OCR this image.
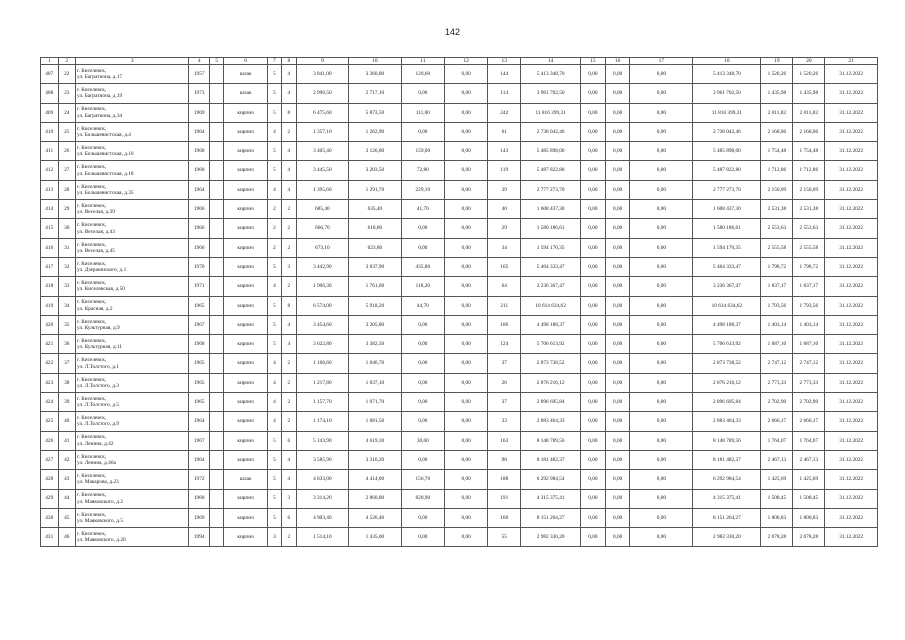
142
1	2	3	4	5	6	7	8	9	10	11	12	13	14	15	16	17	18	19	20	21
407	22	г. Киселевск,
ул. Багратиона, д.17	1957		шлак	5	4	3 841,00	3 360,80	120,60	0,00	144	5 413 348,70	0,00	0,00	0,00	5 413 348,70	1 520,26	1 520,26	31.12.2022
408	23	г. Киселевск,
ул. Багратиона, д.19	1973		шлак	5	4	2 996,50	2 717,10	0,00	0,00	114	3 961 702,50	0,00	0,00	0,00	3 961 702,50	1 435,98	1 435,98	31.12.2022
409	24	г. Киселевск,
ул. Багратиона, д.34	1969		кирпич	5	8	6 475,60	5 873,50	111,00	0,00	242	11 816 399,31	0,00	0,00	0,00	11 816 399,31	2 011,82	2 011,82	31.12.2022
410	25	г. Киселевск,
ул. Большевистская, д.4	1964		кирпич	4	2	1 357,10	1 262,90	0,00	0,00	61	2 738 042,46	0,00	0,00	0,00	2 738 042,46	2 168,06	2 168,06	31.12.2022
411	26	г. Киселевск,
ул. Большевистская, д.16	1968		кирпич	5	4	3 405,40	3 126,80	159,00	0,00	143	5 485 898,00	0,00	0,00	0,00	5 485 898,00	1 754,48	1 754,48	31.12.2022
412	27	г. Киселевск,
ул. Большевистская, д.18	1968		кирпич	5	4	3 445,50	3 203,50	72,80	0,00	119	5 487 822,80	0,00	0,00	0,00	5 487 822,80	1 712,86	1 712,86	31.12.2022
413	28	г. Киселевск,
ул. Большевистская, д.35	1964		кирпич	4	4	1 395,60	1 291,70	229,10	0,00	39	2 777 273,70	0,00	0,00	0,00	2 777 273,70	2 150,09	2 150,09	31.12.2022
414	29	г. Киселевск,
ул. Веселая, д.39	1966		кирпич	2	2	685,40	635,40	41,70	0,00	40	1 608 437,30	0,00	0,00	0,00	1 608 437,30	2 531,38	2 531,38	31.12.2022
415	30	г. Киселевск,
ул. Веселая, д.43	1966		кирпич	2	2	666,70	618,80	0,00	0,00	29	1 580 186,61	0,00	0,00	0,00	1 580 186,61	2 553,63	2 553,63	31.12.2022
416	31	г. Киселевск,
ул. Веселая, д.45	1966		кирпич	2	2	673,10	623,80	0,00	0,00	34	1 594 170,35	0,00	0,00	0,00	1 594 170,35	2 555,58	2 555,58	31.12.2022
417	32	г. Киселевск,
ул. Дзержинского, д.1	1970		кирпич	5	3	3 442,90	3 037,90	435,80	0,00	165	5 464 333,47	0,00	0,00	0,00	5 464 333,47	1 798,72	1 798,72	31.12.2022
418	33	г. Киселевск,
ул. Киселевская, д.50	1971		кирпич	4	2	1 906,30	1 761,60	118,20	0,00	64	3 236 367,47	0,00	0,00	0,00	3 236 367,47	1 837,17	1 837,17	31.12.2022
419	34	г. Киселевск,
ул. Красная, д.2	1965		кирпич	5	8	6 574,00	5 918,20	44,70	0,00	211	10 614 634,62	0,00	0,00	0,00	10 614 634,62	1 793,56	1 793,56	31.12.2022
420	35	г. Киселевск,
ул. Культурная, д.9	1967		кирпич	5	4	3 454,60	3 205,80	0,00	0,00	106	4 498 188,37	0,00	0,00	0,00	4 498 188,37	1 403,14	1 403,14	31.12.2022
421	36	г. Киселевск,
ул. Культурная, д.11	1968		кирпич	5	4	3 622,80	3 382,50	0,00	0,00	124	5 706 613,92	0,00	0,00	0,00	5 706 613,92	1 687,10	1 687,10	31.12.2022
422	37	г. Киселевск,
ул. Л.Толстого, д.1	1965		кирпич	4	2	1 166,60	1 046,70	0,00	0,00	37	2 873 738,52	0,00	0,00	0,00	2 873 738,52	2 747,12	2 747,12	31.12.2022
423	38	г. Киселевск,
ул. Л.Толстого, д.3	1965		кирпич	4	2	1 217,80	1 037,10	0,00	0,00	26	2 876 216,12	0,00	0,00	0,00	2 876 216,12	2 773,33	2 773,33	31.12.2022
424	39	г. Киселевск,
ул. Л.Толстого, д.5	1965		кирпич	4	2	1 157,70	1 071,70	0,00	0,00	37	2 896 695,84	0,00	0,00	0,00	2 896 695,84	2 702,90	2 702,90	31.12.2022
425	40	г. Киселевск,
ул. Л.Толстого, д.9	1964		кирпич	4	2	1 174,10	1 081,50	0,00	0,00	33	2 883 464,33	0,00	0,00	0,00	2 883 464,33	2 666,17	2 666,17	31.12.2022
426	41	г. Киселевск,
ул. Ленина, д.42	1967		кирпич	5	6	5 143,90	4 619,30	30,00	0,00	163	8 148 789,56	0,00	0,00	0,00	8 148 789,56	1 764,07	1 764,07	31.12.2022
427	42	г. Киселевск,
ул. Ленина, д.46а	1964		кирпич	5	4	3 585,90	3 316,20	0,00	0,00	98	8 181 482,37	0,00	0,00	0,00	8 181 482,37	2 467,13	2 467,13	31.12.2022
428	43	г. Киселевск,
ул. Макарова, д.23	1972		шлак	5	4	4 833,00	4 414,00	156,70	0,00	188	6 292 984,54	0,00	0,00	0,00	6 292 984,54	1 425,69	1 425,69	31.12.2022
429	44	г. Киселевск,
ул. Маяковского, д.2	1968		кирпич	5	3	3 314,20	2 860,80	820,90	0,00	191	4 315 375,41	0,00	0,00	0,00	4 315 375,41	1 508,45	1 508,45	31.12.2022
430	45	г. Киселевск,
ул. Маяковского, д.5	1969		кирпич	5	6	4 903,40	4 526,40	0,00	0,00	160	8 151 264,27	0,00	0,00	0,00	8 151 264,27	1 800,83	1 800,83	31.12.2022
431	46	г. Киселевск,
ул. Маяковского, д.20	1994		кирпич	3	2	1 514,10	1 435,00	0,00	0,00	55	2 982 330,20	0,00	0,00	0,00	2 982 330,20	2 078,28	2 078,28	31.12.2022
